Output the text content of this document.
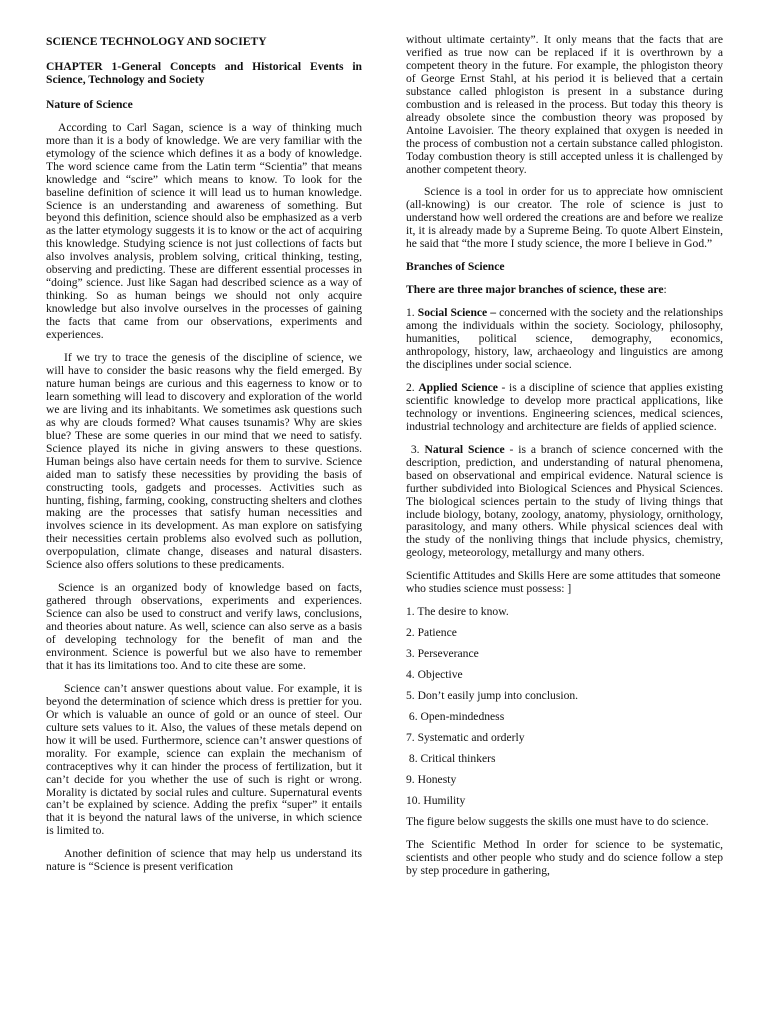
SCIENCE TECHNOLOGY AND SOCIETY

CHAPTER 1-General Concepts and Historical Events in Science, Technology and Society

Nature of Science

According to Carl Sagan, science is a way of thinking much more than it is a body of knowledge. We are very familiar with the etymology of the science which defines it as a body of knowledge. The word science came from the Latin term “Scientia” that means knowledge and “scire” which means to know. To look for the baseline definition of science it will lead us to human knowledge. Science is an understanding and awareness of something. But beyond this definition, science should also be emphasized as a verb as the latter etymology suggests it is to know or the act of acquiring this knowledge. Studying science is not just collections of facts but also involves analysis, problem solving, critical thinking, testing, observing and predicting. These are different essential processes in “doing” science. Just like Sagan had described science as a way of thinking. So as human beings we should not only acquire knowledge but also involve ourselves in the processes of gaining the facts that came from our observations, experiments and experiences.

If we try to trace the genesis of the discipline of science, we will have to consider the basic reasons why the field emerged. By nature human beings are curious and this eagerness to know or to learn something will lead to discovery and exploration of the world we are living and its inhabitants. We sometimes ask questions such as why are clouds formed? What causes tsunamis? Why are skies blue? These are some queries in our mind that we need to satisfy. Science played its niche in giving answers to these questions. Human beings also have certain needs for them to survive. Science aided man to satisfy these necessities by providing the basis of constructing tools, gadgets and processes. Activities such as hunting, fishing, farming, cooking, constructing shelters and clothes making are the processes that satisfy human necessities and involves science in its development. As man explore on satisfying their necessities certain problems also evolved such as pollution, overpopulation, climate change, diseases and natural disasters. Science also offers solutions to these predicaments.

Science is an organized body of knowledge based on facts, gathered through observations, experiments and experiences. Science can also be used to construct and verify laws, conclusions, and theories about nature. As well, science can also serve as a basis of developing technology for the benefit of man and the environment. Science is powerful but we also have to remember that it has its limitations too. And to cite these are some.

Science can’t answer questions about value. For example, it is beyond the determination of science which dress is prettier for you. Or which is valuable an ounce of gold or an ounce of steel. Our culture sets values to it. Also, the values of these metals depend on how it will be used. Furthermore, science can’t answer questions of morality. For example, science can explain the mechanism of contraceptives why it can hinder the process of fertilization, but it can’t decide for you whether the use of such is right or wrong. Morality is dictated by social rules and culture. Supernatural events can’t be explained by science. Adding the prefix “super” it entails that it is beyond the natural laws of the universe, in which science is limited to.

Another definition of science that may help us understand its nature is “Science is present verification

without ultimate certainty”. It only means that the facts that are verified as true now can be replaced if it is overthrown by a competent theory in the future. For example, the phlogiston theory of George Ernst Stahl, at his period it is believed that a certain substance called phlogiston is present in a substance during combustion and is released in the process. But today this theory is already obsolete since the combustion theory was proposed by Antoine Lavoisier. The theory explained that oxygen is needed in the process of combustion not a certain substance called phlogiston. Today combustion theory is still accepted unless it is challenged by another competent theory.

Science is a tool in order for us to appreciate how omniscient (all-knowing) is our creator. The role of science is just to understand how well ordered the creations are and before we realize it, it is already made by a Supreme Being. To quote Albert Einstein, he said that “the more I study science, the more I believe in God.”

Branches of Science

There are three major branches of science, these are:

1. Social Science – concerned with the society and the relationships among the individuals within the society. Sociology, philosophy, humanities, political science, demography, economics, anthropology, history, law, archaeology and linguistics are among the disciplines under social science.

2. Applied Science - is a discipline of science that applies existing scientific knowledge to develop more practical applications, like technology or inventions. Engineering sciences, medical sciences, industrial technology and architecture are fields of applied science.

3. Natural Science - is a branch of science concerned with the description, prediction, and understanding of natural phenomena, based on observational and empirical evidence. Natural science is further subdivided into Biological Sciences and Physical Sciences. The biological sciences pertain to the study of living things that include biology, botany, zoology, anatomy, physiology, ornithology, parasitology, and many others. While physical sciences deal with the study of the nonliving things that include physics, chemistry, geology, meteorology, metallurgy and many others.

Scientific Attitudes and Skills Here are some attitudes that someone who studies science must possess: ]

1. The desire to know.

2. Patience

3. Perseverance

4. Objective

5. Don’t easily jump into conclusion.

6. Open-mindedness

7. Systematic and orderly

8. Critical thinkers

9. Honesty

10. Humility

The figure below suggests the skills one must have to do science.

The Scientific Method In order for science to be systematic, scientists and other people who study and do science follow a step by step procedure in gathering,
